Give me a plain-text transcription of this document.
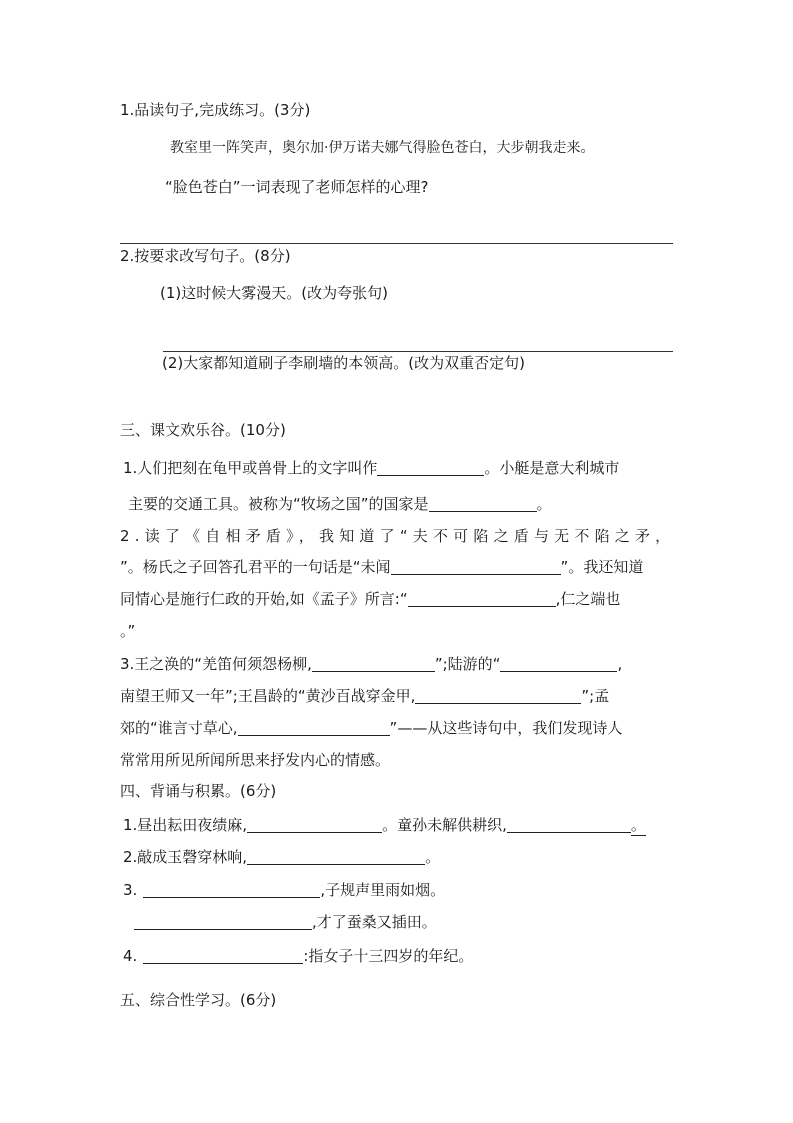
1.品读句子,完成练习。(3分)
教室里一阵笑声，奥尔加·伊万诺夫娜气得脸色苍白，大步朝我走来。
“脸色苍白”一词表现了老师怎样的心理?
2.按要求改写句子。(8分)
(1)这时候大雾漫天。(改为夸张句)
(2)大家都知道刷子李刷墙的本领高。(改为双重否定句)
三、课文欢乐谷。(10分)
1.人们把刻在龟甲或兽骨上的文字叫作	。小艇是意大利城市
主要的交通工具。被称为“牧场之国”的国家是	。
2.读了《自相矛盾》，我知道了“夫不可陷之盾与无不陷之矛，
”。杨氏之子回答孔君平的一句话是“未闻	”。我还知道
同情心是施行仁政的开始,如《孟子》所言:“	,仁之端也
。”
3.王之涣的“羌笛何须怨杨柳,	”;陆游的“	,
南望王师又一年”;王昌龄的“黄沙百战穿金甲,	”;孟
郊的“谁言寸草心,	”——从这些诗句中，我们发现诗人
常常用所见所闻所思来抒发内心的情感。
四、背诵与积累。(6分)
1.昼出耘田夜绩麻,	。童孙未解供耕织,	。
2.敲成玉磬穿林响,	。
3.	,子规声里雨如烟。
,才了蚕桑又插田。
4.	:指女子十三四岁的年纪。
五、综合性学习。(6分)
